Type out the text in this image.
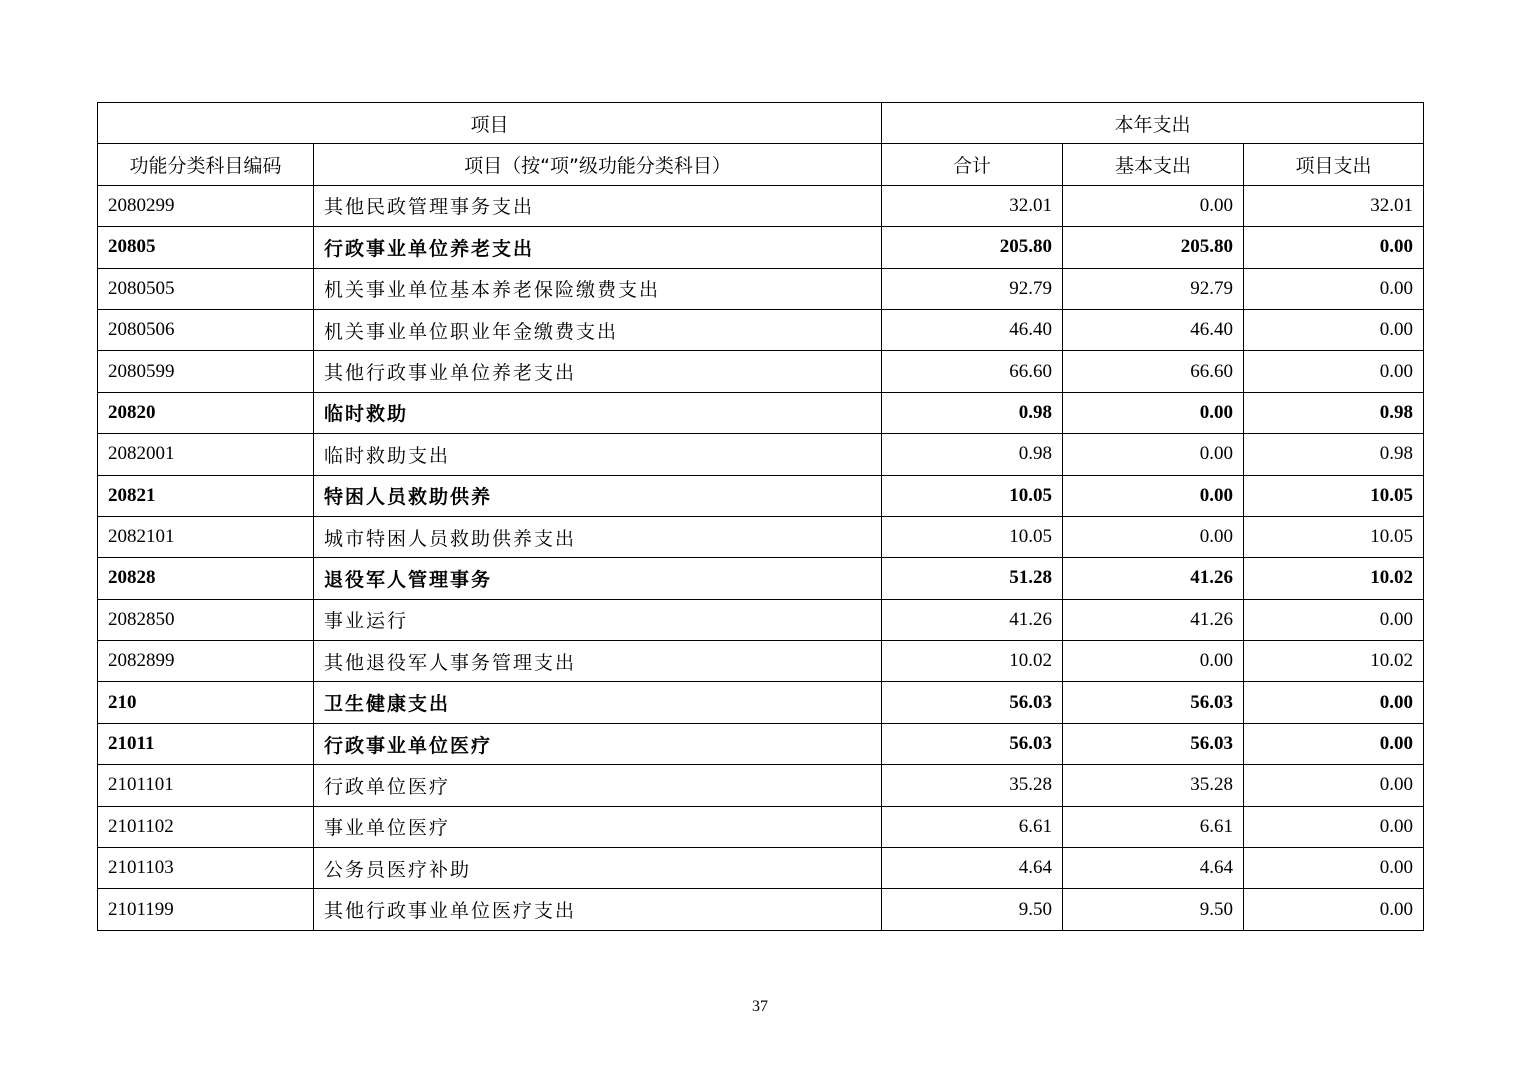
项目		本年支出		
功能分类科目编码	项目（按“项”级功能分类科目）	合计	基本支出	项目支出
2080299	其他民政管理事务支出	32.01	0.00	32.01
20805	行政事业单位养老支出	205.80	205.80	0.00
2080505	机关事业单位基本养老保险缴费支出	92.79	92.79	0.00
2080506	机关事业单位职业年金缴费支出	46.40	46.40	0.00
2080599	其他行政事业单位养老支出	66.60	66.60	0.00
20820	临时救助	0.98	0.00	0.98
2082001	临时救助支出	0.98	0.00	0.98
20821	特困人员救助供养	10.05	0.00	10.05
2082101	城市特困人员救助供养支出	10.05	0.00	10.05
20828	退役军人管理事务	51.28	41.26	10.02
2082850	事业运行	41.26	41.26	0.00
2082899	其他退役军人事务管理支出	10.02	0.00	10.02
210	卫生健康支出	56.03	56.03	0.00
21011	行政事业单位医疗	56.03	56.03	0.00
2101101	行政单位医疗	35.28	35.28	0.00
2101102	事业单位医疗	6.61	6.61	0.00
2101103	公务员医疗补助	4.64	4.64	0.00
2101199	其他行政事业单位医疗支出	9.50	9.50	0.00
37
